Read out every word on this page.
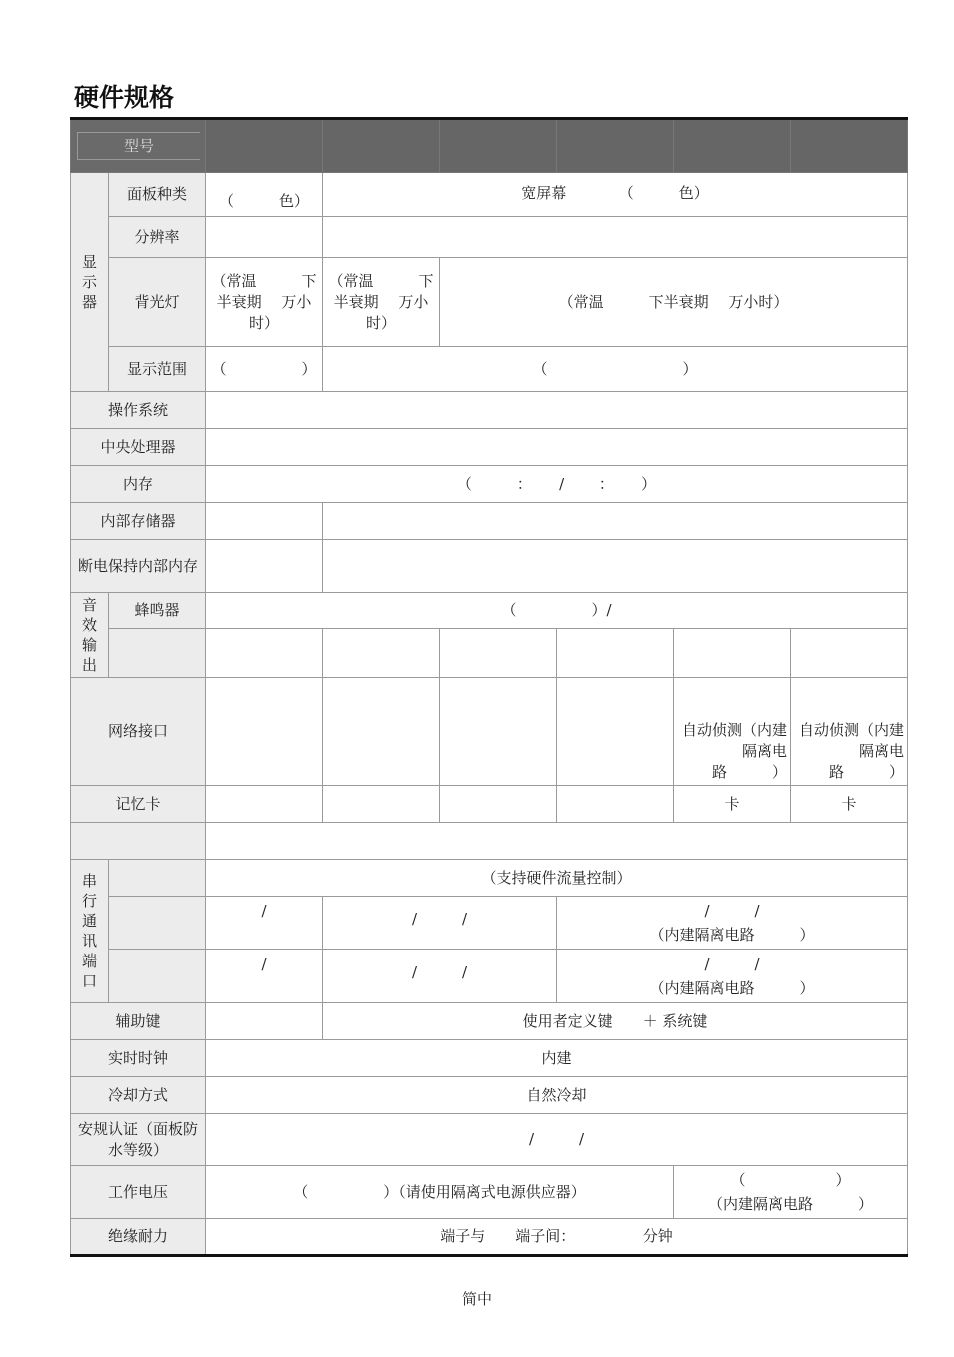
硬件规格
型号							

显示器	面板种类	（　　　色）	宽屏幕　　　　（　　　色）				
	分辨率						
	背光灯	（常温　　　下半衰期　 万小时）	（常温　　　下半衰期　 万小时）	（常温　　　下半衰期　 万小时）			
	显示范围	（　　　　　）	（　　　　　　　　　）				
操作系统							
中央处理器							
内存		（　　　：　　 /　　 ：　　 ）					
内部存储器							
断电保持内部内存							

音效输出	蜂鸣器	（　　　　　）/					

网络接口						自动侦测（内建隔离电路　　　）	自动侦测（内建隔离电路　　　）
记忆卡						卡	卡

串行通讯端口		（支持硬件流量控制）					
		/	/　　　/		/　　　/
（内建隔离电路　　　）		

		/	/　　　/		/　　　/
（内建隔离电路　　　）		

辅助键			使用者定义键　　＋ 系统键				
实时时钟		内建					
冷却方式		自然冷却					
安规认证（面板防水等级）		/　　　/					
工作电压		（　　　　　）（请使用隔离式电源供应器）				（　　　　　　）
（内建隔离电路　　　）	

绝缘耐力		端子与　　端子间：　　　　　分钟					
简中
